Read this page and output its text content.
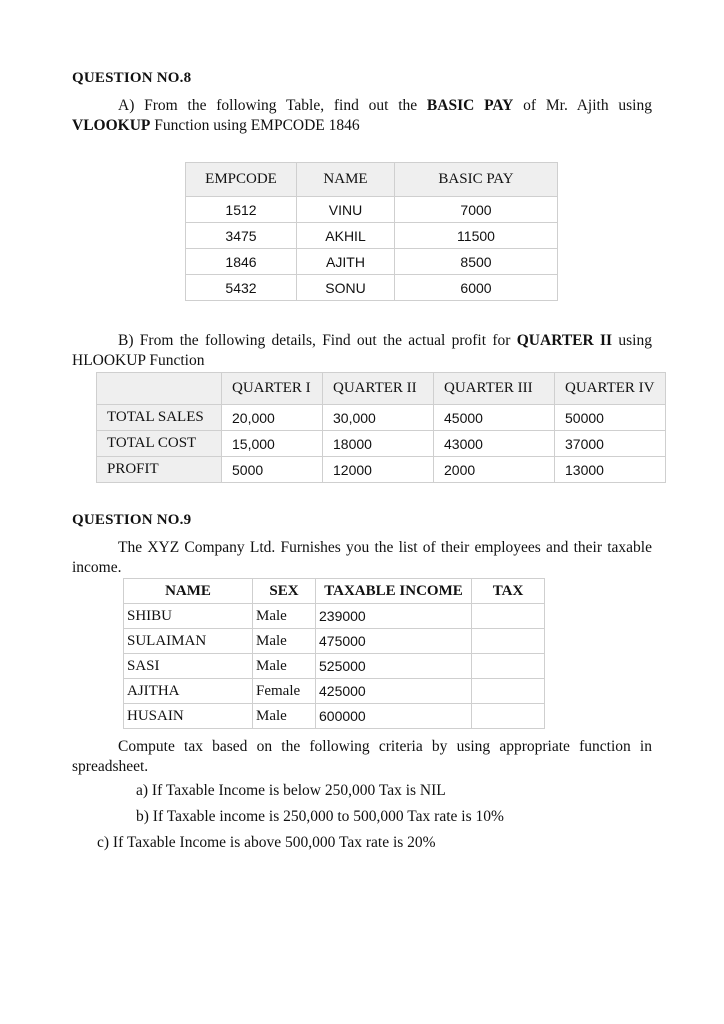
QUESTION NO.8
A) From the following Table, find out the BASIC PAY of Mr. Ajith using VLOOKUP Function using EMPCODE 1846
EMPCODE	NAME	BASIC PAY
1512	VINU	7000
3475	AKHIL	11500
1846	AJITH	8500
5432	SONU	6000
B) From the following details, Find out the actual profit for QUARTER II using HLOOKUP Function
	QUARTER I	QUARTER II	QUARTER III	QUARTER IV
TOTAL SALES	20,000	30,000	45000	50000
TOTAL COST	15,000	18000	43000	37000
PROFIT	5000	12000	2000	13000
QUESTION NO.9
The XYZ Company Ltd. Furnishes you the list of their employees and their taxable income.
NAME	SEX	TAXABLE INCOME	TAX
SHIBU	Male	239000	
SULAIMAN	Male	475000	
SASI	Male	525000	
AJITHA	Female	425000	
HUSAIN	Male	600000	
Compute tax based on the following criteria by using appropriate function in spreadsheet.
a) If Taxable Income is below 250,000 Tax is NIL
b) If Taxable income is 250,000 to 500,000 Tax rate is 10%
c) If Taxable Income is above 500,000 Tax rate is 20%
